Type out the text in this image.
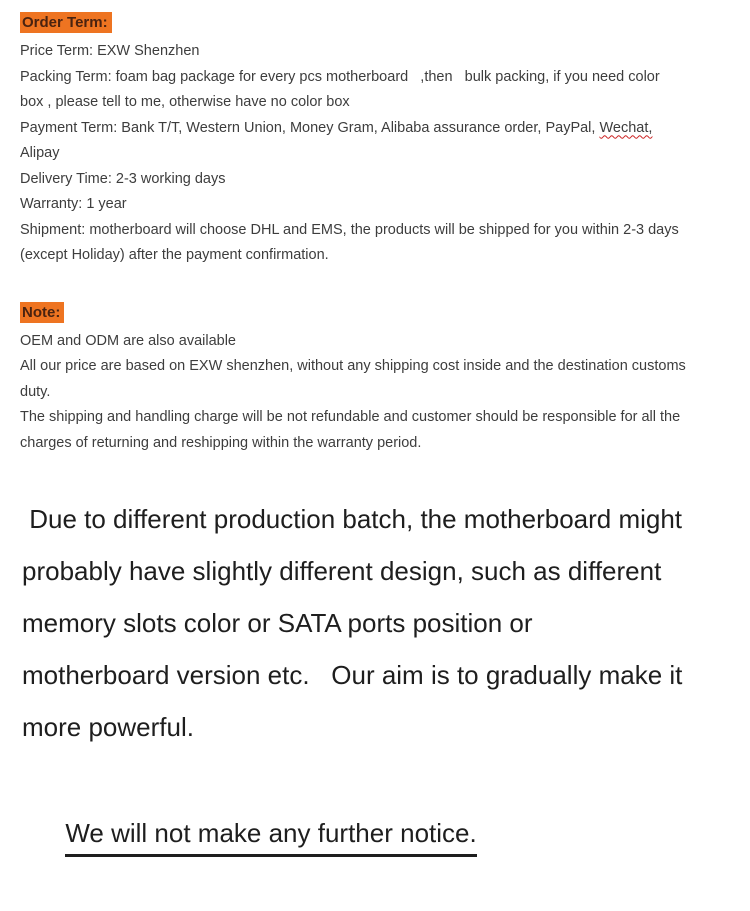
Order Term:
Price Term: EXW Shenzhen
Packing Term: foam bag package for every pcs motherboard   ,then   bulk packing, if you need color
box , please tell to me, otherwise have no color box
Payment Term: Bank T/T, Western Union, Money Gram, Alibaba assurance order, PayPal, Wechat,
Alipay
Delivery Time: 2-3 working days
Warranty: 1 year
Shipment: motherboard will choose DHL and EMS, the products will be shipped for you within 2-3 days
(except Holiday) after the payment confirmation.
Note:
OEM and ODM are also available
All our price are based on EXW shenzhen, without any shipping cost inside and the destination customs
duty.
The shipping and handling charge will be not refundable and customer should be responsible for all the
charges of returning and reshipping within the warranty period.
Due to different production batch, the motherboard might
probably have slightly different design, such as different
memory slots color or SATA ports position or
motherboard version etc.   Our aim is to gradually make it
more powerful.

We will not make any further notice.
